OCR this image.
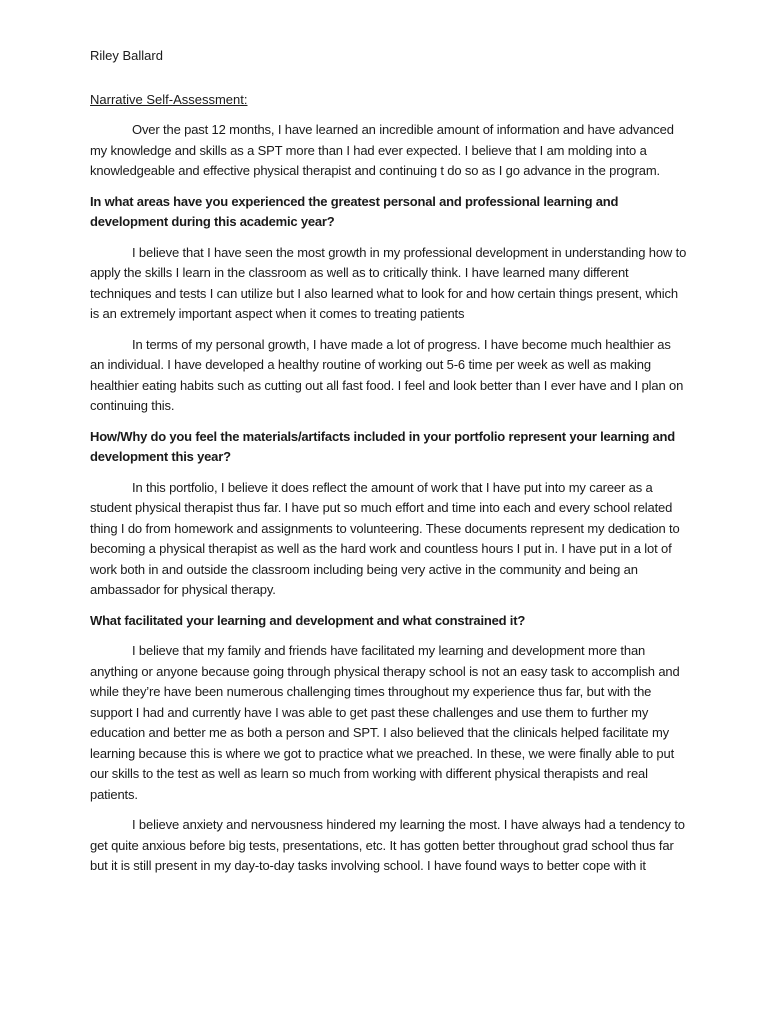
Riley Ballard
Narrative Self-Assessment:

Over the past 12 months, I have learned an incredible amount of information and have advanced my knowledge and skills as a SPT more than I had ever expected. I believe that I am molding into a knowledgeable and effective physical therapist and continuing t do so as I go advance in the program.

In what areas have you experienced the greatest personal and professional learning and development during this academic year?

I believe that I have seen the most growth in my professional development in understanding how to apply the skills I learn in the classroom as well as to critically think. I have learned many different techniques and tests I can utilize but I also learned what to look for and how certain things present, which is an extremely important aspect when it comes to treating patients

In terms of my personal growth, I have made a lot of progress. I have become much healthier as an individual. I have developed a healthy routine of working out 5-6 time per week as well as making healthier eating habits such as cutting out all fast food. I feel and look better than I ever have and I plan on continuing this.

How/Why do you feel the materials/artifacts included in your portfolio represent your learning and development this year?

In this portfolio, I believe it does reflect the amount of work that I have put into my career as a student physical therapist thus far. I have put so much effort and time into each and every school related thing I do from homework and assignments to volunteering. These documents represent my dedication to becoming a physical therapist as well as the hard work and countless hours I put in. I have put in a lot of work both in and outside the classroom including being very active in the community and being an ambassador for physical therapy.

What facilitated your learning and development and what constrained it?

I believe that my family and friends have facilitated my learning and development more than anything or anyone because going through physical therapy school is not an easy task to accomplish and while they’re have been numerous challenging times throughout my experience thus far, but with the support I had and currently have I was able to get past these challenges and use them to further my education and better me as both a person and SPT. I also believed that the clinicals helped facilitate my learning because this is where we got to practice what we preached. In these, we were finally able to put our skills to the test as well as learn so much from working with different physical therapists and real patients.

I believe anxiety and nervousness hindered my learning the most. I have always had a tendency to get quite anxious before big tests, presentations, etc. It has gotten better throughout grad school thus far but it is still present in my day-to-day tasks involving school. I have found ways to better cope with it
